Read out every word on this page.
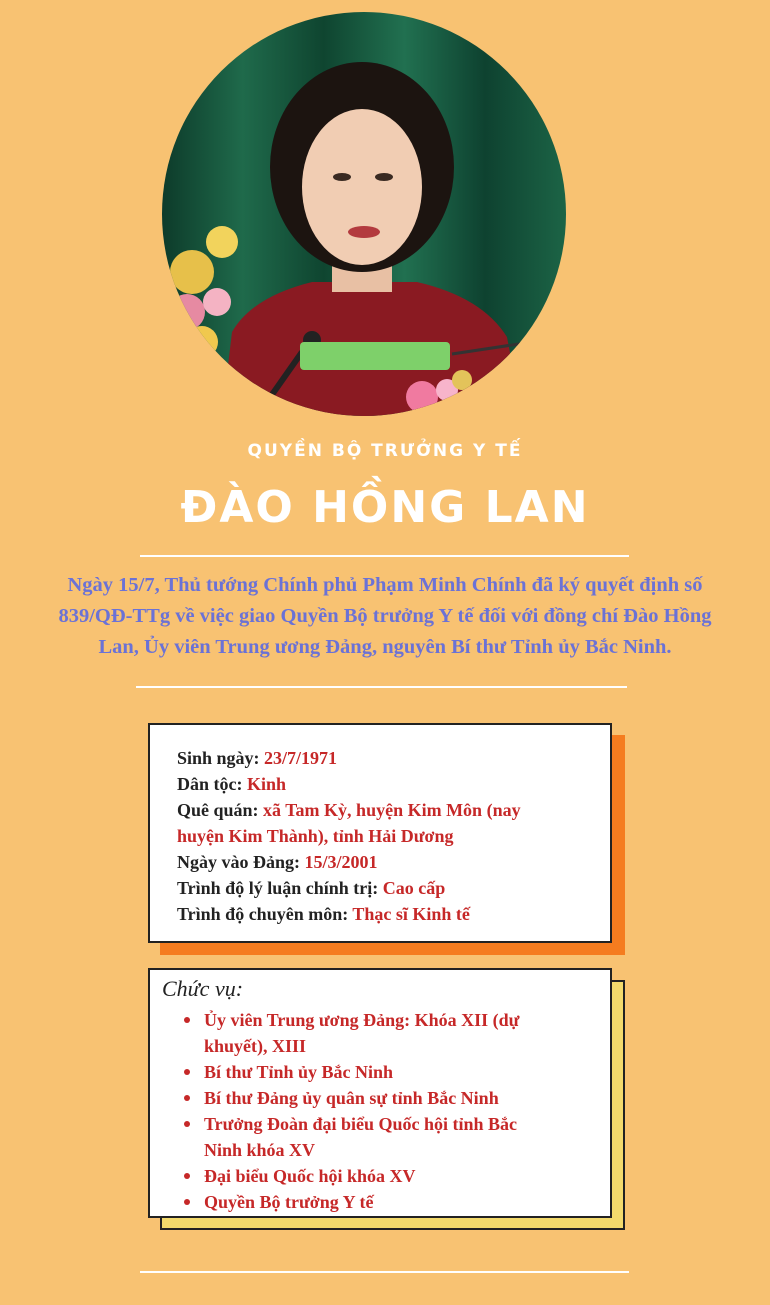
QUYỀN BỘ TRƯỞNG Y TẾ
ĐÀO HỒNG LAN
Ngày 15/7, Thủ tướng Chính phủ Phạm Minh Chính đã ký quyết định số 839/QĐ-TTg về việc giao Quyền Bộ trưởng Y tế đối với đồng chí Đào Hồng Lan, Ủy viên Trung ương Đảng, nguyên Bí thư Tỉnh ủy Bắc Ninh.
Sinh ngày: 23/7/1971
Dân tộc: Kinh
Quê quán: xã Tam Kỳ, huyện Kim Môn (nay
huyện Kim Thành), tỉnh Hải Dương
Ngày vào Đảng: 15/3/2001
Trình độ lý luận chính trị: Cao cấp
Trình độ chuyên môn: Thạc sĩ Kinh tế
Chức vụ:
Ủy viên Trung ương Đảng: Khóa XII (dự
khuyết), XIII
Bí thư Tỉnh ủy Bắc Ninh
Bí thư Đảng ủy quân sự tỉnh Bắc Ninh
Trưởng Đoàn đại biểu Quốc hội tỉnh Bắc
Ninh khóa XV
Đại biểu Quốc hội khóa XV
Quyền Bộ trưởng Y tế
